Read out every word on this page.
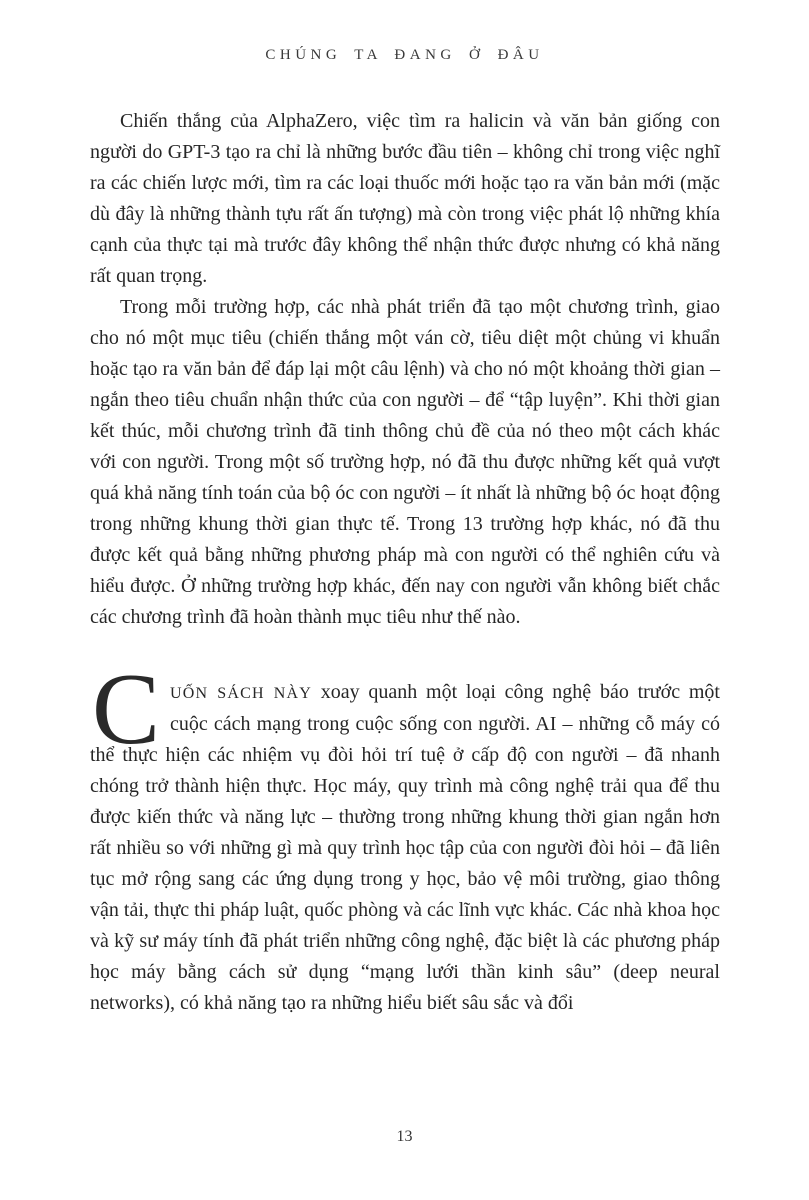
CHÚNG TA ĐANG Ở ĐÂU

Chiến thắng của AlphaZero, việc tìm ra halicin và văn bản giống con người do GPT-3 tạo ra chỉ là những bước đầu tiên – không chỉ trong việc nghĩ ra các chiến lược mới, tìm ra các loại thuốc mới hoặc tạo ra văn bản mới (mặc dù đây là những thành tựu rất ấn tượng) mà còn trong việc phát lộ những khía cạnh của thực tại mà trước đây không thể nhận thức được nhưng có khả năng rất quan trọng.

Trong mỗi trường hợp, các nhà phát triển đã tạo một chương trình, giao cho nó một mục tiêu (chiến thắng một ván cờ, tiêu diệt một chủng vi khuẩn hoặc tạo ra văn bản để đáp lại một câu lệnh) và cho nó một khoảng thời gian – ngắn theo tiêu chuẩn nhận thức của con người – để “tập luyện”. Khi thời gian kết thúc, mỗi chương trình đã tinh thông chủ đề của nó theo một cách khác với con người. Trong một số trường hợp, nó đã thu được những kết quả vượt quá khả năng tính toán của bộ óc con người – ít nhất là những bộ óc hoạt động trong những khung thời gian thực tế. Trong 13 trường hợp khác, nó đã thu được kết quả bằng những phương pháp mà con người có thể nghiên cứu và hiểu được. Ở những trường hợp khác, đến nay con người vẫn không biết chắc các chương trình đã hoàn thành mục tiêu như thế nào.

CUỐN SÁCH NÀY xoay quanh một loại công nghệ báo trước một cuộc cách mạng trong cuộc sống con người. AI – những cỗ máy có thể thực hiện các nhiệm vụ đòi hỏi trí tuệ ở cấp độ con người – đã nhanh chóng trở thành hiện thực. Học máy, quy trình mà công nghệ trải qua để thu được kiến thức và năng lực – thường trong những khung thời gian ngắn hơn rất nhiều so với những gì mà quy trình học tập của con người đòi hỏi – đã liên tục mở rộng sang các ứng dụng trong y học, bảo vệ môi trường, giao thông vận tải, thực thi pháp luật, quốc phòng và các lĩnh vực khác. Các nhà khoa học và kỹ sư máy tính đã phát triển những công nghệ, đặc biệt là các phương pháp học máy bằng cách sử dụng “mạng lưới thần kinh sâu” (deep neural networks), có khả năng tạo ra những hiểu biết sâu sắc và đổi

13
